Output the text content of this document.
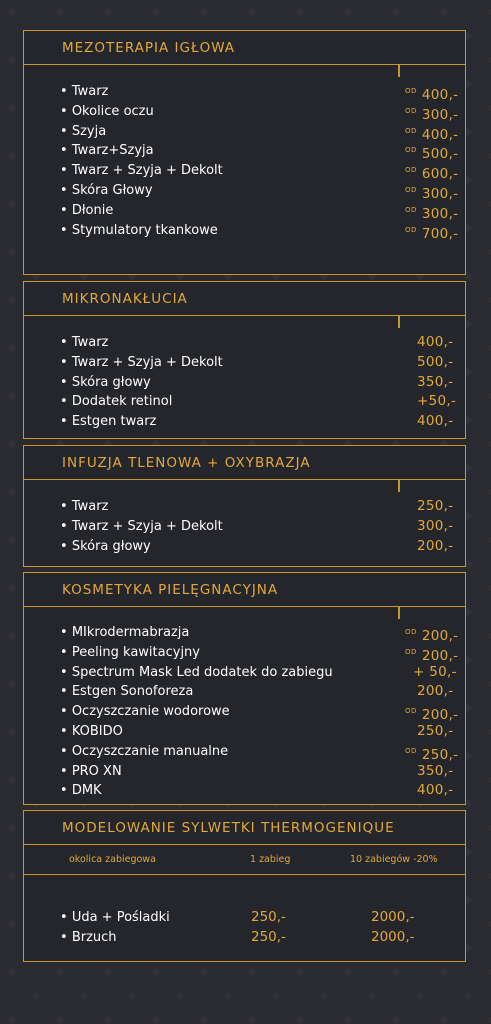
MEZOTERAPIA IGŁOWA
• Twarz	$^{OD}$ 400,-
• Okolice oczu	$^{OD}$ 300,-
• Szyja	$^{OD}$ 400,-
• Twarz+Szyja	$^{OD}$ 500,-
• Twarz + Szyja + Dekolt	$^{OD}$ 600,-
• Skóra Głowy	$^{OD}$ 300,-
• Dłonie	$^{OD}$ 300,-
• Stymulatory tkankowe	$^{OD}$ 700,-
MIKRONAKŁUCIA
• Twarz	400,-
• Twarz + Szyja + Dekolt	500,-
• Skóra głowy	350,-
• Dodatek retinol	+50,-
• Estgen twarz	400,-
INFUZJA TLENOWA + OXYBRAZJA
• Twarz	250,-
• Twarz + Szyja + Dekolt	300,-
• Skóra głowy	200,-
KOSMETYKA PIELĘGNACYJNA
• MIkrodermabrazja	$^{OD}$ 200,-
• Peeling kawitacyjny	$^{OD}$ 200,-
• Spectrum Mask Led dodatek do zabiegu	+ 50,-
• Estgen Sonoforeza	200,-
• Oczyszczanie wodorowe	$^{OD}$ 200,-
• KOBIDO	250,-
• Oczyszczanie manualne	$^{OD}$ 250,-
• PRO XN	350,-
• DMK	400,-
MODELOWANIE SYLWETKI THERMOGENIQUE
okolica zabiegowa	1 zabieg	10 zabiegów -20%
• Uda + Pośladki	250,-	2000,-
• Brzuch	250,-	2000,-
